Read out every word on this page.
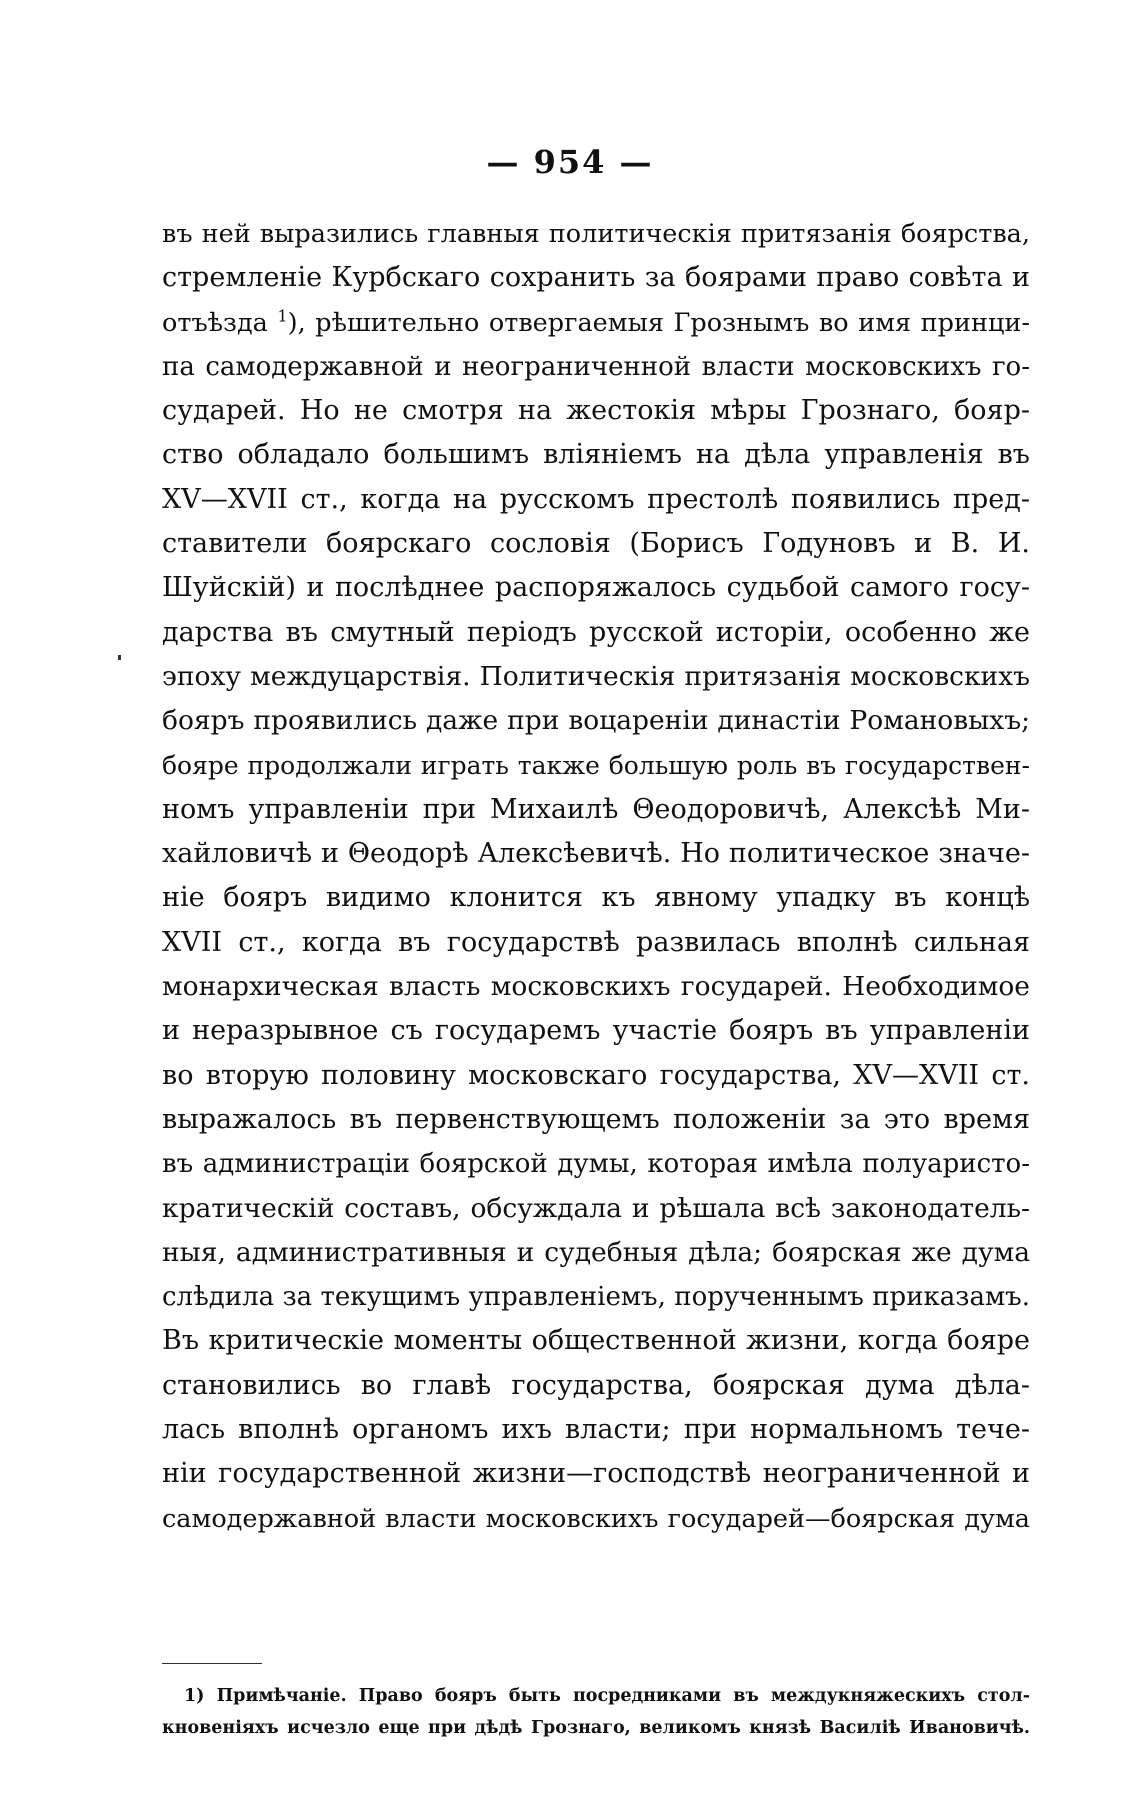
— 954 —
въ ней выразились главныя политическія притязанія боярства,
стремленіе Курбскаго сохранить за боярами право совѣта и
отъѣзда $^1$), рѣшительно отвергаемыя Грознымъ во имя принци-
па самодержавной и неограниченной власти московскихъ го-
сударей. Но не смотря на жестокія мѣры Грознаго, бояр-
ство обладало большимъ вліяніемъ на дѣла управленія въ
XV—XVII ст., когда на русскомъ престолѣ появились пред-
ставители боярскаго сословія (Борисъ Годуновъ и В. И.
Шуйскій) и послѣднее распоряжалось судьбой самого госу-
дарства въ смутный періодъ русской исторіи, особенно же
эпоху междуцарствія. Политическія притязанія московскихъ
бояръ проявились даже при воцареніи династіи Романовыхъ;
бояре продолжали играть также большую роль въ государствен-
номъ управленіи при Михаилѣ Θеодоровичѣ, Алексѣѣ Ми-
хайловичѣ и Θеодорѣ Алексѣевичѣ. Но политическое значе-
ніе бояръ видимо клонится къ явному упадку въ концѣ
XVII ст., когда въ государствѣ развилась вполнѣ сильная
монархическая власть московскихъ государей. Необходимое
и неразрывное съ государемъ участіе бояръ въ управленіи
во вторую половину московскаго государства, XV—XVII ст.
выражалось въ первенствующемъ положеніи за это время
въ администраціи боярской думы, которая имѣла полуаристо-
кратическій составъ, обсуждала и рѣшала всѣ законодатель-
ныя, административныя и судебныя дѣла; боярская же дума
слѣдила за текущимъ управленіемъ, порученнымъ приказамъ.
Въ критическіе моменты общественной жизни, когда бояре
становились во главѣ государства, боярская дума дѣла-
лась вполнѣ органомъ ихъ власти; при нормальномъ тече-
ніи государственной жизни—господствѣ неограниченной и
самодержавной власти московскихъ государей—боярская дума
1) Примѣчаніе. Право бояръ быть посредниками въ междукняжескихъ стол-
кновеніяхъ исчезло еще при дѣдѣ Грознаго, великомъ князѣ Василіѣ Ивановичѣ.
